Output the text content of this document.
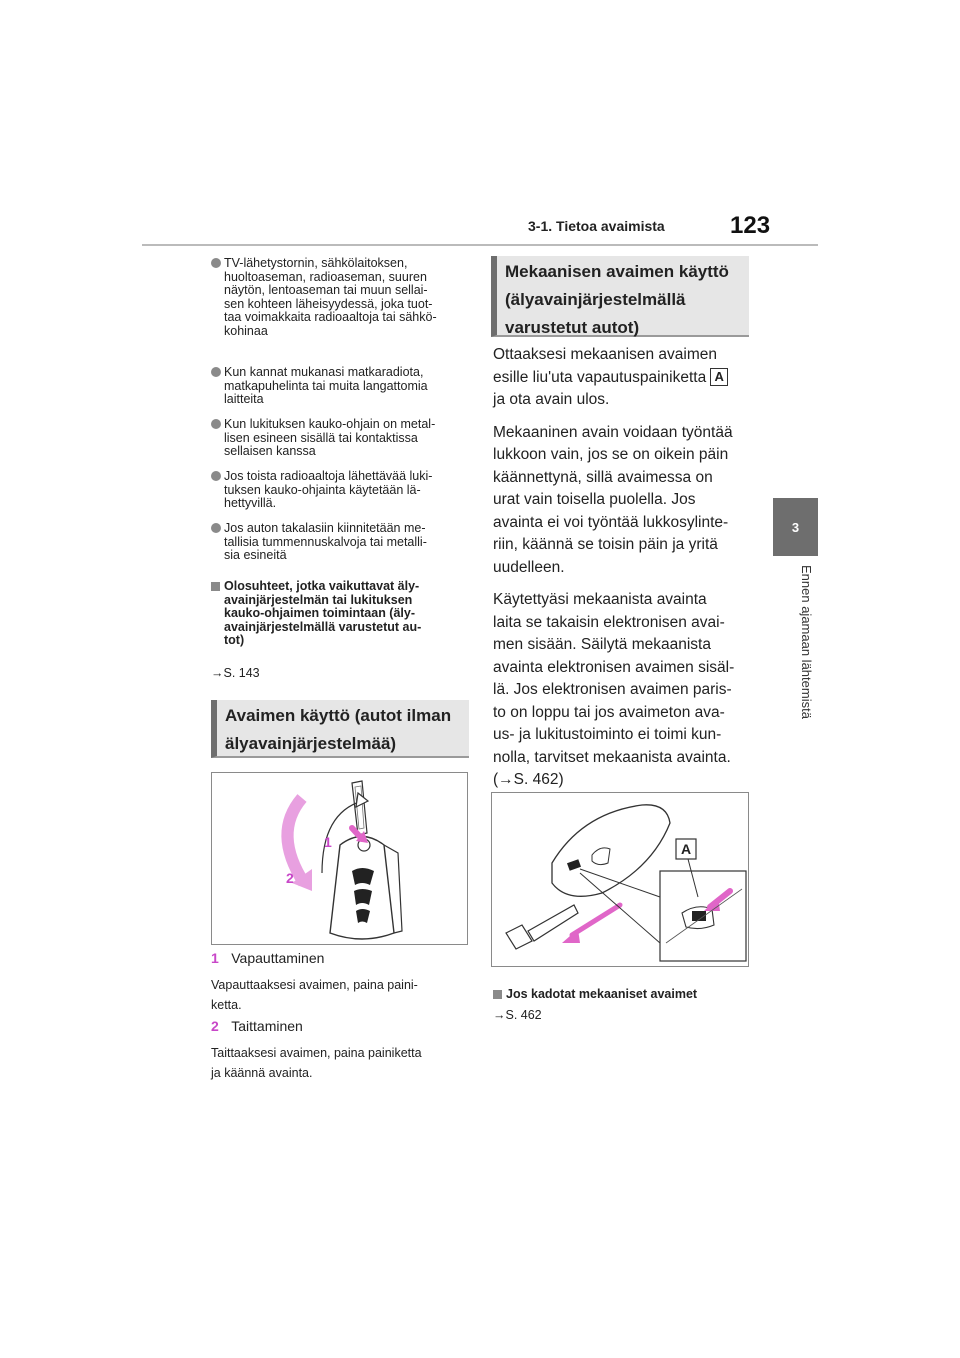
3-1. Tietoa avaimista	123
3
Ennen ajamaan lähtemistä
TV-lähetystornin, sähkölaitoksen,
huoltoaseman, radioaseman, suuren
näytön, lentoaseman tai muun sellai-
sen kohteen läheisyydessä, joka tuot-
taa voimakkaita radioaaltoja tai sähkö-
kohinaa
Kun kannat mukanasi matkaradiota,
matkapuhelinta tai muita langattomia
laitteita
Kun lukituksen kauko-ohjain on metal-
lisen esineen sisällä tai kontaktissa
sellaisen kanssa
Jos toista radioaaltoja lähettävää luki-
tuksen kauko-ohjainta käytetään lä-
hettyvillä.
Jos auton takalasiin kiinnitetään me-
tallisia tummennuskalvoja tai metalli-
sia esineitä
Olosuhteet, jotka vaikuttavat äly-
avainjärjestelmän tai lukituksen
kauko-ohjaimen toimintaan (äly-
avainjärjestelmällä varustetut au-
tot)
→S. 143
Avaimen käyttö (autot ilman
älyavainjärjestelmää)
1
2
1 Vapauttaminen
Vapauttaaksesi avaimen, paina paini-
ketta.
2 Taittaminen
Taittaaksesi avaimen, paina painiketta
ja käännä avainta.
Mekaanisen avaimen käyttö
(älyavainjärjestelmällä
varustetut autot)

Ottaaksesi mekaanisen avaimen
esille liu'uta vapautuspainiketta A
ja ota avain ulos.

Mekaaninen avain voidaan työntää
lukkoon vain, jos se on oikein päin
käännettynä, sillä avaimessa on
urat vain toisella puolella. Jos
avainta ei voi työntää lukkosylinte-
riin, käännä se toisin päin ja yritä
uudelleen.

Käytettyäsi mekaanista avainta
laita se takaisin elektronisen avai-
men sisään. Säilytä mekaanista
avainta elektronisen avaimen sisäl-
lä. Jos elektronisen avaimen paris-
to on loppu tai jos avaimeton ava-
us- ja lukitustoiminto ei toimi kun-
nolla, tarvitset mekaanista avainta.
(→S. 462)

A
Jos kadotat mekaaniset avaimet
→S. 462
